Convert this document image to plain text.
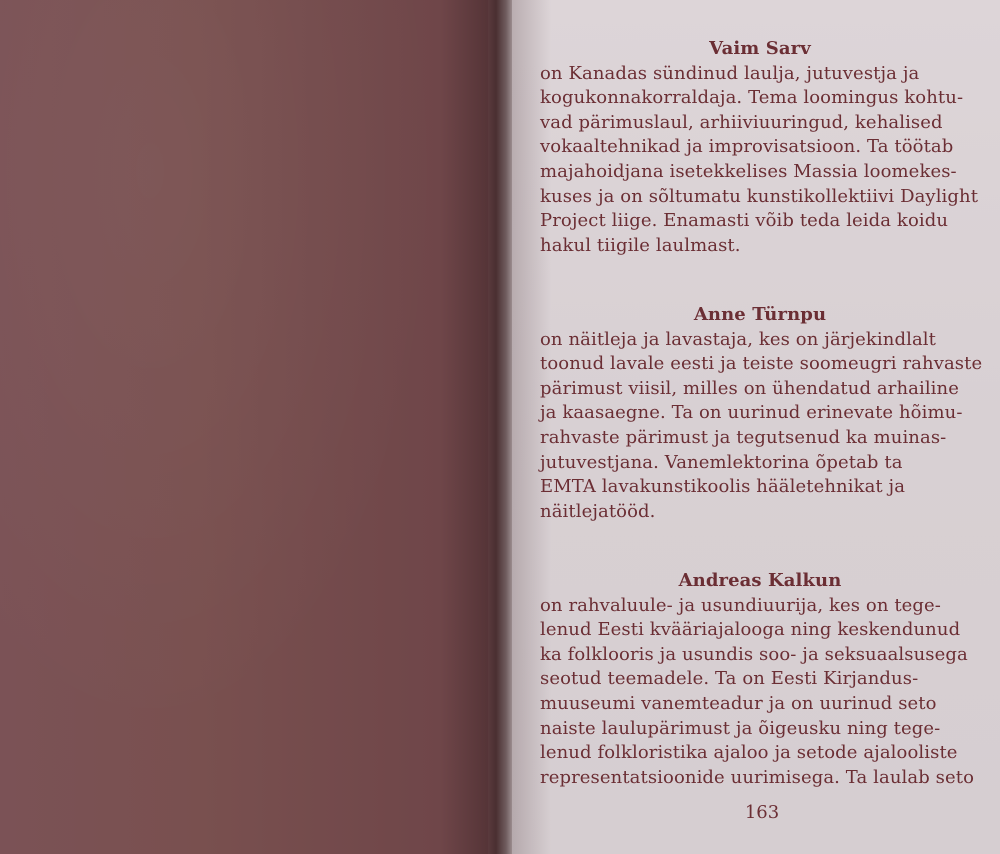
Vaim Sarv

on Kanadas sündinud laulja, jutuvestja ja
kogukonnakorraldaja. Tema loomingus kohtu-
vad pärimuslaul, arhiiviuuringud, kehalised
vokaaltehnikad ja improvisatsioon. Ta töötab
majahoidjana isetekkelises Massia loomekes-
kuses ja on sõltumatu kunstikollektiivi Daylight
Project liige. Enamasti võib teda leida koidu
hakul tiigile laulmast.

Anne Türnpu

on näitleja ja lavastaja, kes on järjekindlalt
toonud lavale eesti ja teiste soomeugri rahvaste
pärimust viisil, milles on ühendatud arhailine
ja kaasaegne. Ta on uurinud erinevate hõimu-
rahvaste pärimust ja tegutsenud ka muinas-
jutuvestjana. Vanemlektorina õpetab ta
EMTA lavakunstikoolis hääletehnikat ja
näitlejatööd.

Andreas Kalkun

on rahvaluule- ja usundiuurija, kes on tege-
lenud Eesti kvääriajalooga ning keskendunud
ka folklooris ja usundis soo- ja seksuaalsusega
seotud teemadele. Ta on Eesti Kirjandus-
muuseumi vanemteadur ja on uurinud seto
naiste laulupärimust ja õigeusku ning tege-
lenud folkloristika ajaloo ja setode ajalooliste
representatsioonide uurimisega. Ta laulab seto
163
